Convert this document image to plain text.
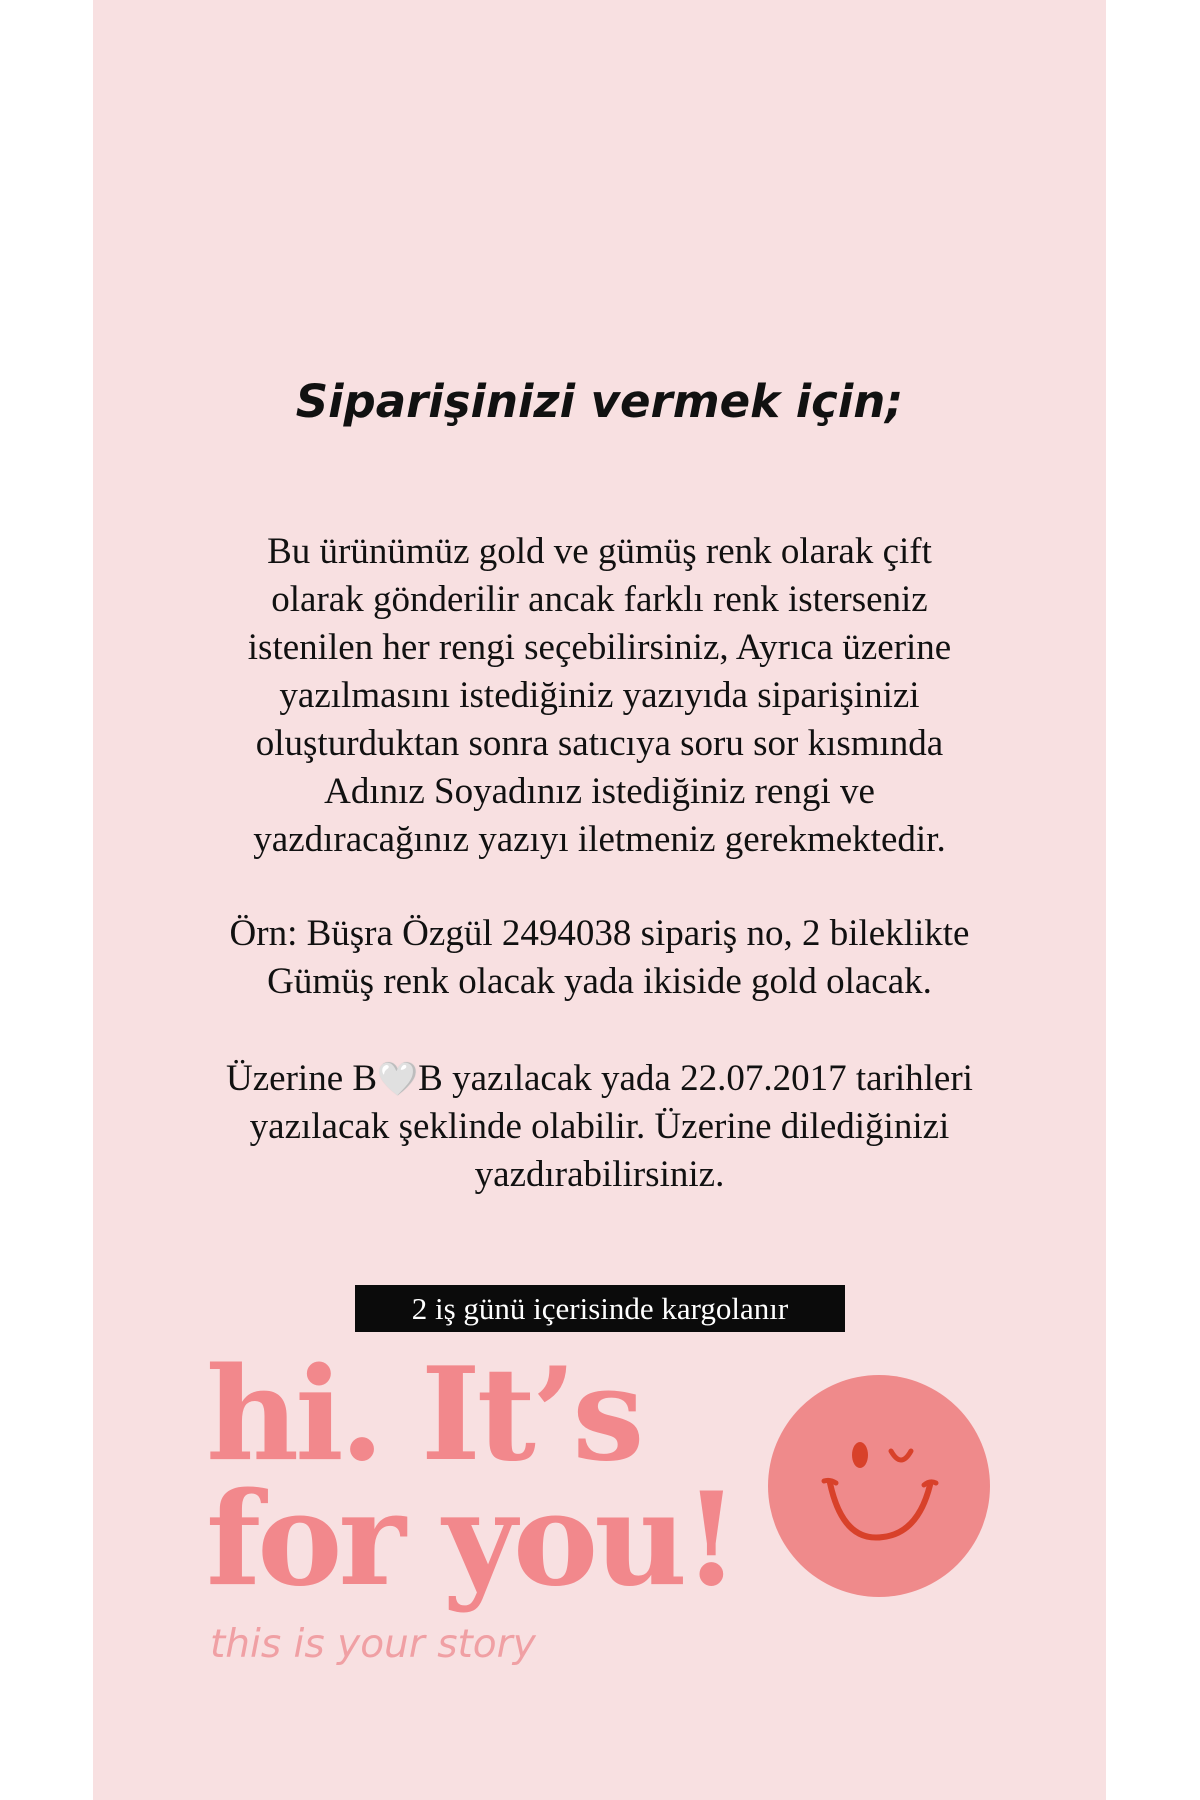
Siparişinizi vermek için;
Bu ürünümüz gold ve gümüş renk olarak çift
olarak gönderilir ancak farklı renk isterseniz
istenilen her rengi seçebilirsiniz, Ayrıca üzerine
yazılmasını istediğiniz yazıyıda siparişinizi
oluşturduktan sonra satıcıya soru sor kısmında
Adınız Soyadınız istediğiniz rengi ve
yazdıracağınız yazıyı iletmeniz gerekmektedir.
Örn: Büşra Özgül 2494038 sipariş no, 2 bileklikte
Gümüş renk olacak yada ikiside gold olacak.
Üzerine B🤍B yazılacak yada 22.07.2017 tarihleri
yazılacak şeklinde olabilir. Üzerine dilediğinizi
yazdırabilirsiniz.
2 iş günü içerisinde kargolanır
hi. It’s
for you!
this is your story
